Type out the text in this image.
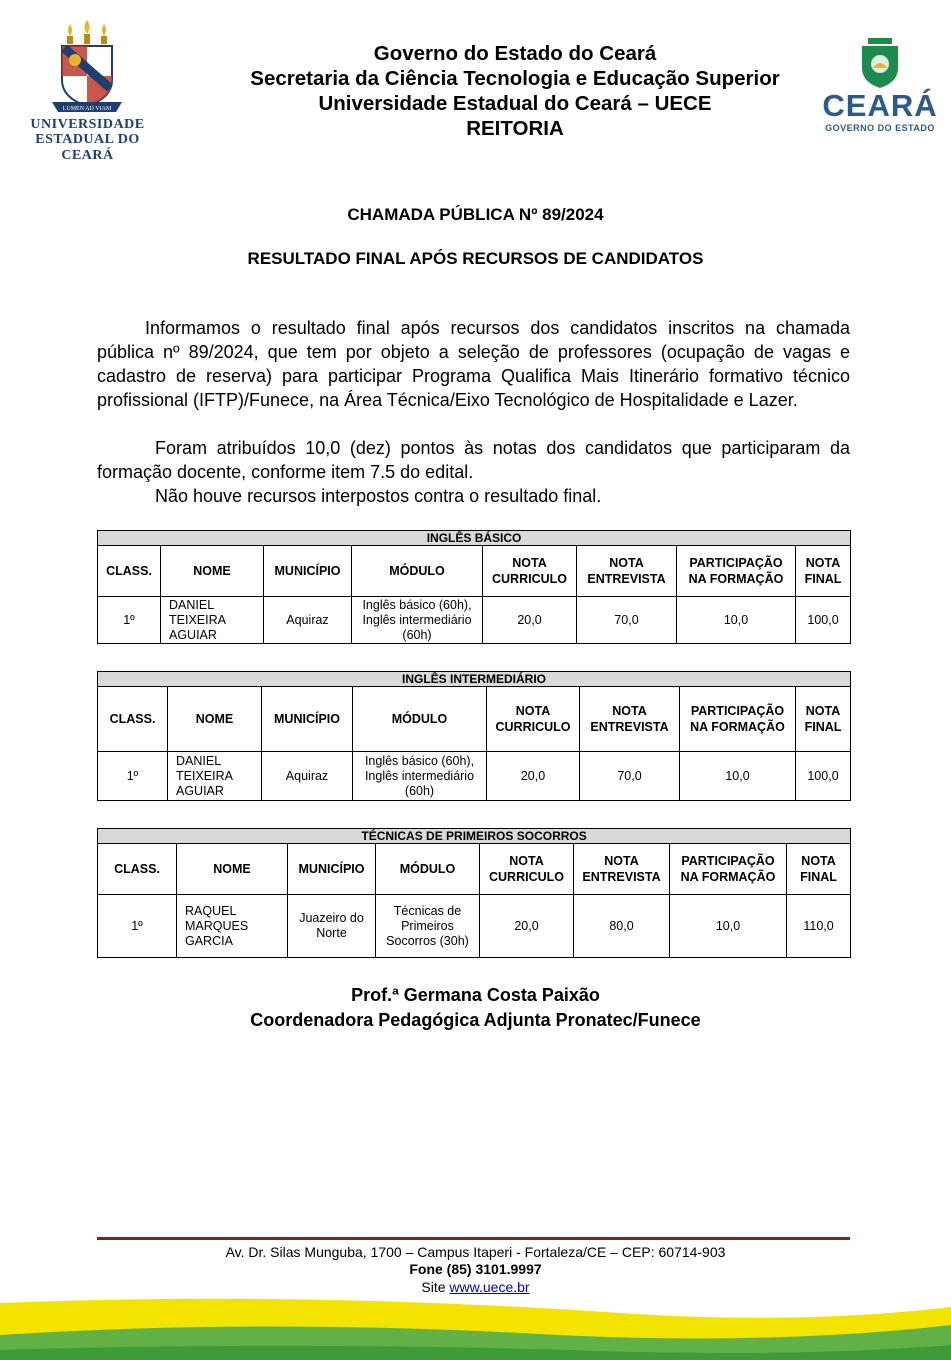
LUMEN AD VIAM
UNIVERSIDADE
ESTADUAL DO CEARÁ
Governo do Estado do Ceará
Secretaria da Ciência Tecnologia e Educação Superior
Universidade Estadual do Ceará – UECE
REITORIA
CEARÁ
GOVERNO DO ESTADO
CHAMADA PÚBLICA Nº 89/2024
RESULTADO FINAL APÓS RECURSOS DE CANDIDATOS
Informamos o resultado final após recursos dos candidatos inscritos na chamada pública nº 89/2024, que tem por objeto a seleção de professores (ocupação de vagas e cadastro de reserva) para participar Programa Qualifica Mais Itinerário formativo técnico profissional (IFTP)/Funece, na Área Técnica/Eixo Tecnológico de Hospitalidade e Lazer.
Foram atribuídos 10,0 (dez) pontos às notas dos candidatos que participaram da formação docente, conforme item 7.5 do edital.
Não houve recursos interpostos contra o resultado final.
INGLÊS BÁSICO							
CLASS.	NOME	MUNICÍPIO	MÓDULO	NOTA CURRICULO	NOTA ENTREVISTA	PARTICIPAÇÃO NA FORMAÇÃO	NOTA FINAL
1º	DANIEL TEIXEIRA AGUIAR	Aquiraz	Inglês básico (60h), Inglês intermediário (60h)	20,0	70,0	10,0	100,0
INGLÊS INTERMEDIÁRIO							
CLASS.	NOME	MUNICÍPIO	MÓDULO	NOTA CURRICULO	NOTA ENTREVISTA	PARTICIPAÇÃO NA FORMAÇÃO	NOTA FINAL
1º	DANIEL TEIXEIRA AGUIAR	Aquiraz	Inglês básico (60h), Inglês intermediário (60h)	20,0	70,0	10,0	100,0
TÉCNICAS DE PRIMEIROS SOCORROS							
CLASS.	NOME	MUNICÍPIO	MÓDULO	NOTA CURRICULO	NOTA ENTREVISTA	PARTICIPAÇÃO NA FORMAÇÃO	NOTA FINAL
1º	RAQUEL MARQUES GARCIA	Juazeiro do Norte	Técnicas de Primeiros Socorros (30h)	20,0	80,0	10,0	110,0
Prof.ª Germana Costa Paixão
Coordenadora Pedagógica Adjunta Pronatec/Funece
Av. Dr. Silas Munguba, 1700 – Campus Itaperi - Fortaleza/CE – CEP: 60714-903
Fone (85) 3101.9997
Site www.uece.br
